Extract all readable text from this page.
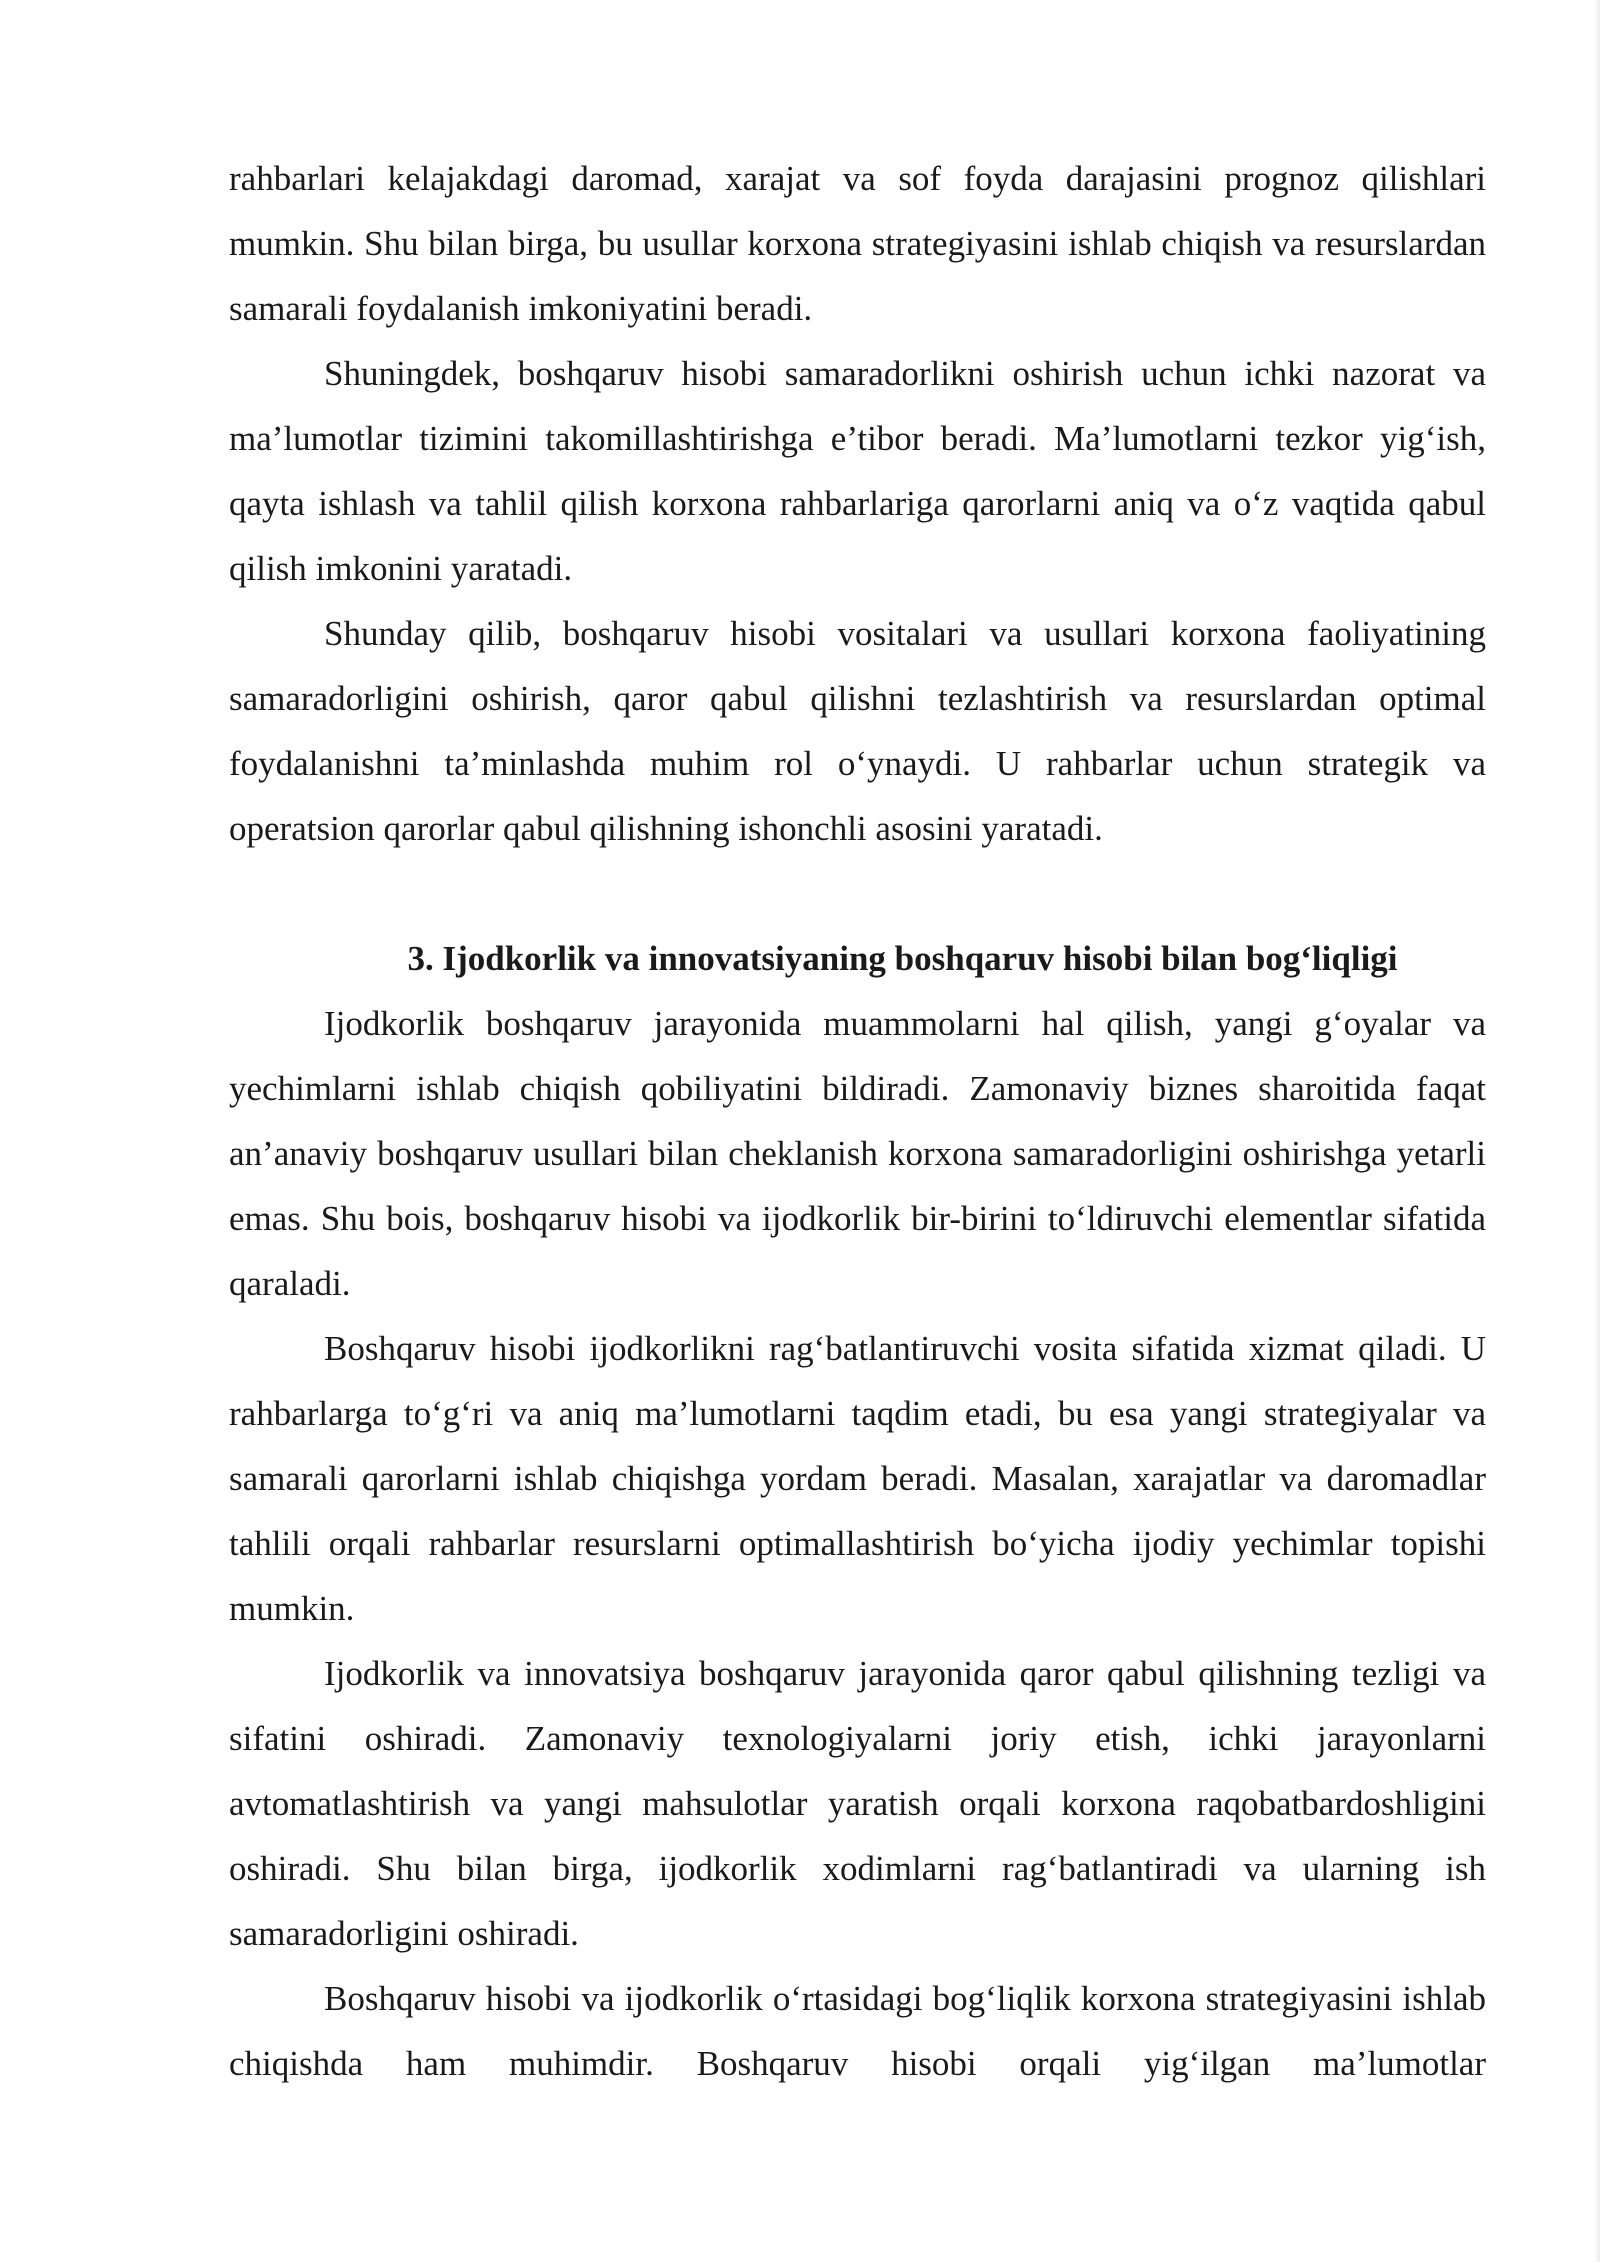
rahbarlari kelajakdagi daromad, xarajat va sof foyda darajasini prognoz qilishlari mumkin. Shu bilan birga, bu usullar korxona strategiyasini ishlab chiqish va resurslardan samarali foydalanish imkoniyatini beradi.

Shuningdek, boshqaruv hisobi samaradorlikni oshirish uchun ichki nazorat va ma’lumotlar tizimini takomillashtirishga e’tibor beradi. Ma’lumotlarni tezkor yig‘ish, qayta ishlash va tahlil qilish korxona rahbarlariga qarorlarni aniq va o‘z vaqtida qabul qilish imkonini yaratadi.

Shunday qilib, boshqaruv hisobi vositalari va usullari korxona faoliyatining samaradorligini oshirish, qaror qabul qilishni tezlashtirish va resurslardan optimal foydalanishni ta’minlashda muhim rol o‘ynaydi. U rahbarlar uchun strategik va operatsion qarorlar qabul qilishning ishonchli asosini yaratadi.

3. Ijodkorlik va innovatsiyaning boshqaruv hisobi bilan bog‘liqligi

Ijodkorlik boshqaruv jarayonida muammolarni hal qilish, yangi g‘oyalar va yechimlarni ishlab chiqish qobiliyatini bildiradi. Zamonaviy biznes sharoitida faqat an’anaviy boshqaruv usullari bilan cheklanish korxona samaradorligini oshirishga yetarli emas. Shu bois, boshqaruv hisobi va ijodkorlik bir-birini to‘ldiruvchi elementlar sifatida qaraladi.

Boshqaruv hisobi ijodkorlikni rag‘batlantiruvchi vosita sifatida xizmat qiladi. U rahbarlarga to‘g‘ri va aniq ma’lumotlarni taqdim etadi, bu esa yangi strategiyalar va samarali qarorlarni ishlab chiqishga yordam beradi. Masalan, xarajatlar va daromadlar tahlili orqali rahbarlar resurslarni optimallashtirish bo‘yicha ijodiy yechimlar topishi mumkin.

Ijodkorlik va innovatsiya boshqaruv jarayonida qaror qabul qilishning tezligi va sifatini oshiradi. Zamonaviy texnologiyalarni joriy etish, ichki jarayonlarni avtomatlashtirish va yangi mahsulotlar yaratish orqali korxona raqobatbardoshligini oshiradi. Shu bilan birga, ijodkorlik xodimlarni rag‘batlantiradi va ularning ish samaradorligini oshiradi.

Boshqaruv hisobi va ijodkorlik o‘rtasidagi bog‘liqlik korxona strategiyasini ishlab chiqishda ham muhimdir. Boshqaruv hisobi orqali yig‘ilgan ma’lumotlar
